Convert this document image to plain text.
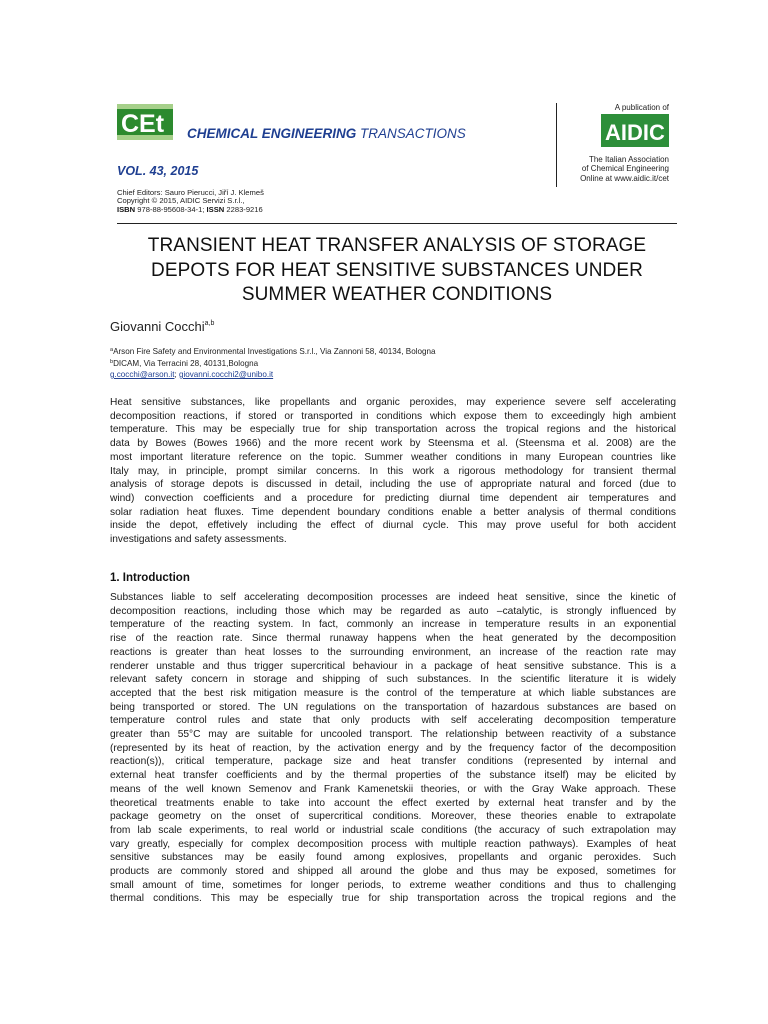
CEt CHEMICAL ENGINEERING TRANSACTIONS
VOL. 43, 2015
Chief Editors: Sauro Pierucci, Jiří J. Klemeš
Copyright © 2015, AIDIC Servizi S.r.l.,
ISBN 978-88-95608-34-1; ISSN 2283-9216
A publication of
AIDIC
The Italian Association
of Chemical Engineering
Online at www.aidic.it/cet
TRANSIENT HEAT TRANSFER ANALYSIS OF STORAGE
DEPOTS FOR HEAT SENSITIVE SUBSTANCES UNDER
SUMMER WEATHER CONDITIONS
Giovanni Cocchi$^{a,b}$
$^a$Arson Fire Safety and Environmental Investigations S.r.l., Via Zannoni 58, 40134, Bologna
$^b$DICAM, Via Terracini 28, 40131,Bologna
g.cocchi@arson.it; giovanni.cocchi2@unibo.it
Heat sensitive substances, like propellants and organic peroxides, may experience severe self accelerating
decomposition reactions, if stored or transported in conditions which expose them to exceedingly high ambient
temperature. This may be especially true for ship transportation across the tropical regions and the historical
data by Bowes (Bowes 1966) and the more recent work by Steensma et al. (Steensma et al. 2008) are the
most important literature reference on the topic. Summer weather conditions in many European countries like
Italy may, in principle, prompt similar concerns. In this work a rigorous methodology for transient thermal
analysis of storage depots is discussed in detail, including the use of appropriate natural and forced (due to
wind) convection coefficients and a procedure for predicting diurnal time dependent air temperatures and
solar radiation heat fluxes. Time dependent boundary conditions enable a better analysis of thermal conditions
inside the depot, effetively including the effect of diurnal cycle. This may prove useful for both accident
investigations and safety assessments.
1. Introduction
Substances liable to self accelerating decomposition processes are indeed heat sensitive, since the kinetic of
decomposition reactions, including those which may be regarded as auto –catalytic, is strongly influenced by
temperature of the reacting system. In fact, commonly an increase in temperature results in an exponential
rise of the reaction rate. Since thermal runaway happens when the heat generated by the decomposition
reactions is greater than heat losses to the surrounding environment, an increase of the reaction rate may
renderer unstable and thus trigger supercritical behaviour in a package of heat sensitive substance. This is a
relevant safety concern in storage and shipping of such substances. In the scientific literature it is widely
accepted that the best risk mitigation measure is the control of the temperature at which liable substances are
being transported or stored. The UN regulations on the transportation of hazardous substances are based on
temperature control rules and state that only products with self accelerating decomposition temperature
greater than 55°C may are suitable for uncooled transport. The relationship between reactivity of a substance
(represented by its heat of reaction, by the activation energy and by the frequency factor of the decomposition
reaction(s)), critical temperature, package size and heat transfer conditions (represented by internal and
external heat transfer coefficients and by the thermal properties of the substance itself) may be elicited by
means of the well known Semenov and Frank Kamenetskii theories, or with the Gray Wake approach. These
theoretical treatments enable to take into account the effect exerted by external heat transfer and by the
package geometry on the onset of supercritical conditions. Moreover, these theories enable to extrapolate
from lab scale experiments, to real world or industrial scale conditions (the accuracy of such extrapolation may
vary greatly, especially for complex decomposition process with multiple reaction pathways). Examples of heat
sensitive substances may be easily found among explosives, propellants and organic peroxides. Such
products are commonly stored and shipped all around the globe and thus may be exposed, sometimes for
small amount of time, sometimes for longer periods, to extreme weather conditions and thus to challenging
thermal conditions. This may be especially true for ship transportation across the tropical regions and the
